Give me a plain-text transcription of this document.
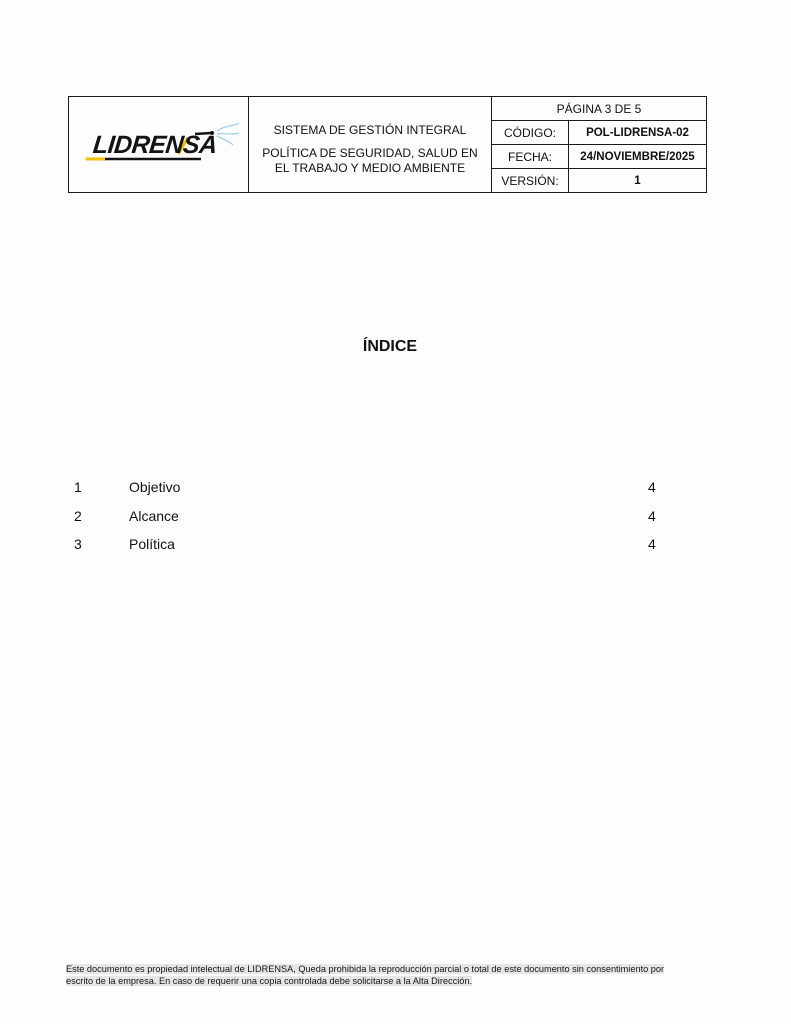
LIDRENSA
SISTEMA DE GESTIÓN INTEGRAL
POLÍTICA DE SEGURIDAD, SALUD EN EL TRABAJO Y MEDIO AMBIENTE
PÁGINA 3 DE 5
CÓDIGO:	POL-LIDRENSA-02
FECHA:	24/NOVIEMBRE/2025
VERSIÓN:	1
ÍNDICE
1	Objetivo	4
2	Alcance	4
3	Política	4
Este documento es propiedad intelectual de LIDRENSA, Queda prohibida la reproducción parcial o total de este documento sin consentimiento por
escrito de la empresa. En caso de requerir una copia controlada debe solicitarse a la Alta Dirección.
